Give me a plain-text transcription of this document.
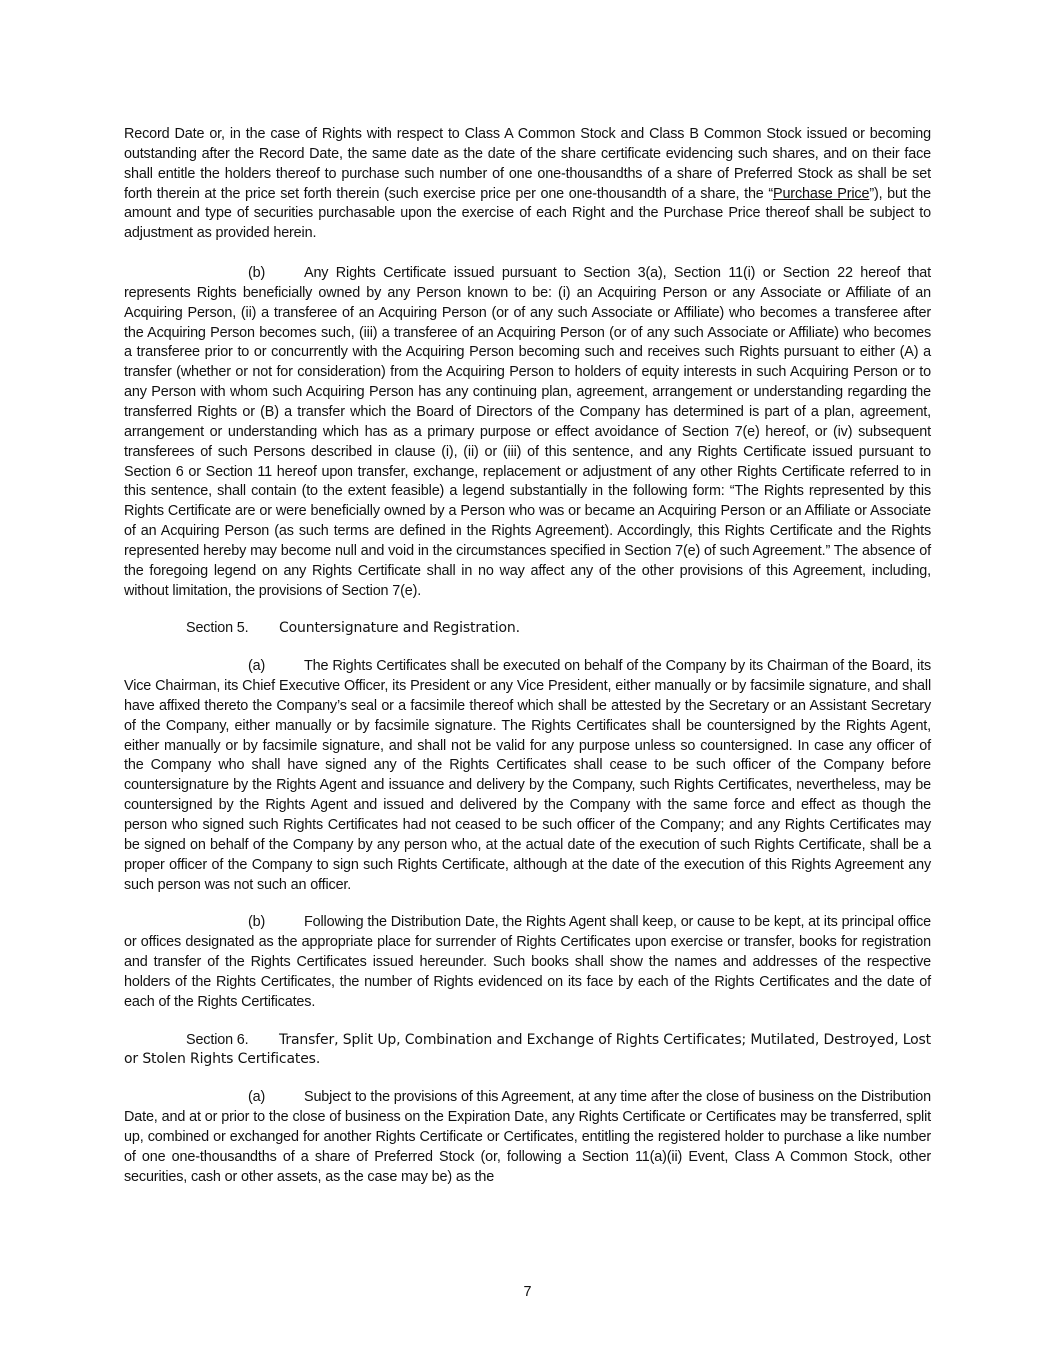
Record Date or, in the case of Rights with respect to Class A Common Stock and Class B Common Stock issued or becoming outstanding after the Record Date, the same date as the date of the share certificate evidencing such shares, and on their face shall entitle the holders thereof to purchase such number of one one-thousandths of a share of Preferred Stock as shall be set forth therein at the price set forth therein (such exercise price per one one-thousandth of a share, the “Purchase Price”), but the amount and type of securities purchasable upon the exercise of each Right and the Purchase Price thereof shall be subject to adjustment as provided herein.

(b)	Any Rights Certificate issued pursuant to Section 3(a), Section 11(i) or Section 22 hereof that represents Rights beneficially owned by any Person known to be: (i) an Acquiring Person or any Associate or Affiliate of an Acquiring Person, (ii) a transferee of an Acquiring Person (or of any such Associate or Affiliate) who becomes a transferee after the Acquiring Person becomes such, (iii) a transferee of an Acquiring Person (or of any such Associate or Affiliate) who becomes a transferee prior to or concurrently with the Acquiring Person becoming such and receives such Rights pursuant to either (A) a transfer (whether or not for consideration) from the Acquiring Person to holders of equity interests in such Acquiring Person or to any Person with whom such Acquiring Person has any continuing plan, agreement, arrangement or understanding regarding the transferred Rights or (B) a transfer which the Board of Directors of the Company has determined is part of a plan, agreement, arrangement or understanding which has as a primary purpose or effect avoidance of Section 7(e) hereof, or (iv) subsequent transferees of such Persons described in clause (i), (ii) or (iii) of this sentence, and any Rights Certificate issued pursuant to Section 6 or Section 11 hereof upon transfer, exchange, replacement or adjustment of any other Rights Certificate referred to in this sentence, shall contain (to the extent feasible) a legend substantially in the following form: “The Rights represented by this Rights Certificate are or were beneficially owned by a Person who was or became an Acquiring Person or an Affiliate or Associate of an Acquiring Person (as such terms are defined in the Rights Agreement). Accordingly, this Rights Certificate and the Rights represented hereby may become null and void in the circumstances specified in Section 7(e) of such Agreement.” The absence of the foregoing legend on any Rights Certificate shall in no way affect any of the other provisions of this Agreement, including, without limitation, the provisions of Section 7(e).

Section 5. Countersignature and Registration.

(a)	The Rights Certificates shall be executed on behalf of the Company by its Chairman of the Board, its Vice Chairman, its Chief Executive Officer, its President or any Vice President, either manually or by facsimile signature, and shall have affixed thereto the Company’s seal or a facsimile thereof which shall be attested by the Secretary or an Assistant Secretary of the Company, either manually or by facsimile signature. The Rights Certificates shall be countersigned by the Rights Agent, either manually or by facsimile signature, and shall not be valid for any purpose unless so countersigned. In case any officer of the Company who shall have signed any of the Rights Certificates shall cease to be such officer of the Company before countersignature by the Rights Agent and issuance and delivery by the Company, such Rights Certificates, nevertheless, may be countersigned by the Rights Agent and issued and delivered by the Company with the same force and effect as though the person who signed such Rights Certificates had not ceased to be such officer of the Company; and any Rights Certificates may be signed on behalf of the Company by any person who, at the actual date of the execution of such Rights Certificate, shall be a proper officer of the Company to sign such Rights Certificate, although at the date of the execution of this Rights Agreement any such person was not such an officer.

(b)	Following the Distribution Date, the Rights Agent shall keep, or cause to be kept, at its principal office or offices designated as the appropriate place for surrender of Rights Certificates upon exercise or transfer, books for registration and transfer of the Rights Certificates issued hereunder. Such books shall show the names and addresses of the respective holders of the Rights Certificates, the number of Rights evidenced on its face by each of the Rights Certificates and the date of each of the Rights Certificates.

Section 6. Transfer, Split Up, Combination and Exchange of Rights Certificates; Mutilated, Destroyed, Lost or Stolen Rights Certificates.

(a)	Subject to the provisions of this Agreement, at any time after the close of business on the Distribution Date, and at or prior to the close of business on the Expiration Date, any Rights Certificate or Certificates may be transferred, split up, combined or exchanged for another Rights Certificate or Certificates, entitling the registered holder to purchase a like number of one one-thousandths of a share of Preferred Stock (or, following a Section 11(a)(ii) Event, Class A Common Stock, other securities, cash or other assets, as the case may be) as the

7
